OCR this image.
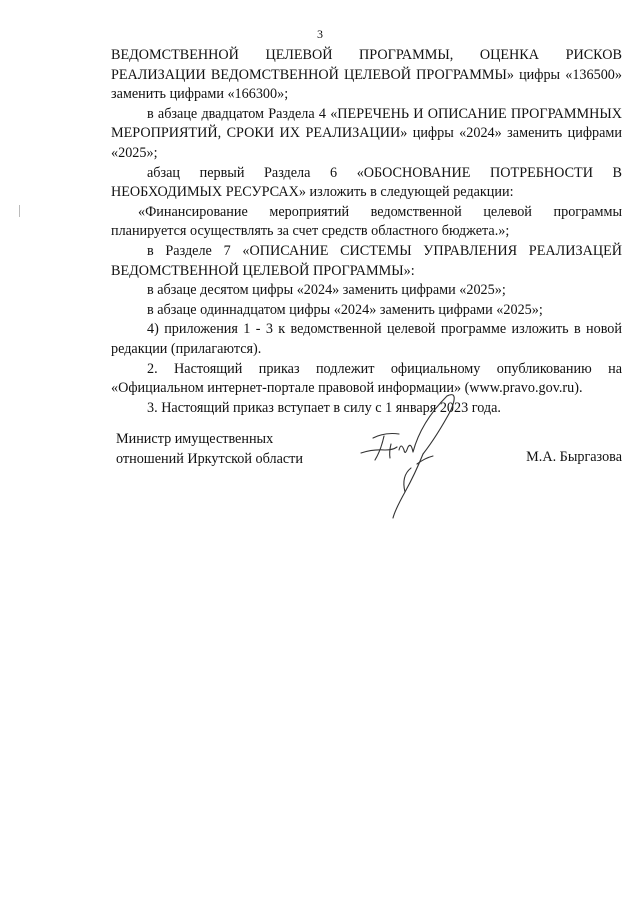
3

ВЕДОМСТВЕННОЙ ЦЕЛЕВОЙ ПРОГРАММЫ, ОЦЕНКА РИСКОВ РЕАЛИЗАЦИИ ВЕДОМСТВЕННОЙ ЦЕЛЕВОЙ ПРОГРАММЫ» цифры «136500» заменить цифрами «166300»;

в абзаце двадцатом Раздела 4 «ПЕРЕЧЕНЬ И ОПИСАНИЕ ПРОГРАММНЫХ МЕРОПРИЯТИЙ, СРОКИ ИХ РЕАЛИЗАЦИИ» цифры «2024» заменить цифрами «2025»;

абзац первый Раздела 6 «ОБОСНОВАНИЕ ПОТРЕБНОСТИ В НЕОБХОДИМЫХ РЕСУРСАХ» изложить в следующей редакции:

«Финансирование мероприятий ведомственной целевой программы планируется осуществлять за счет средств областного бюджета.»;

в Разделе 7 «ОПИСАНИЕ СИСТЕМЫ УПРАВЛЕНИЯ РЕАЛИЗАЦЕЙ ВЕДОМСТВЕННОЙ ЦЕЛЕВОЙ ПРОГРАММЫ»:

в абзаце десятом цифры «2024» заменить цифрами «2025»;

в абзаце одиннадцатом цифры «2024» заменить цифрами «2025»;

4) приложения 1 - 3 к ведомственной целевой программе изложить в новой редакции (прилагаются).

2. Настоящий приказ подлежит официальному опубликованию на «Официальном интернет-портале правовой информации» (www.pravo.gov.ru).

3. Настоящий приказ вступает в силу с 1 января 2023 года.

Министр имущественных
отношений Иркутской области	М.А. Быргазова
